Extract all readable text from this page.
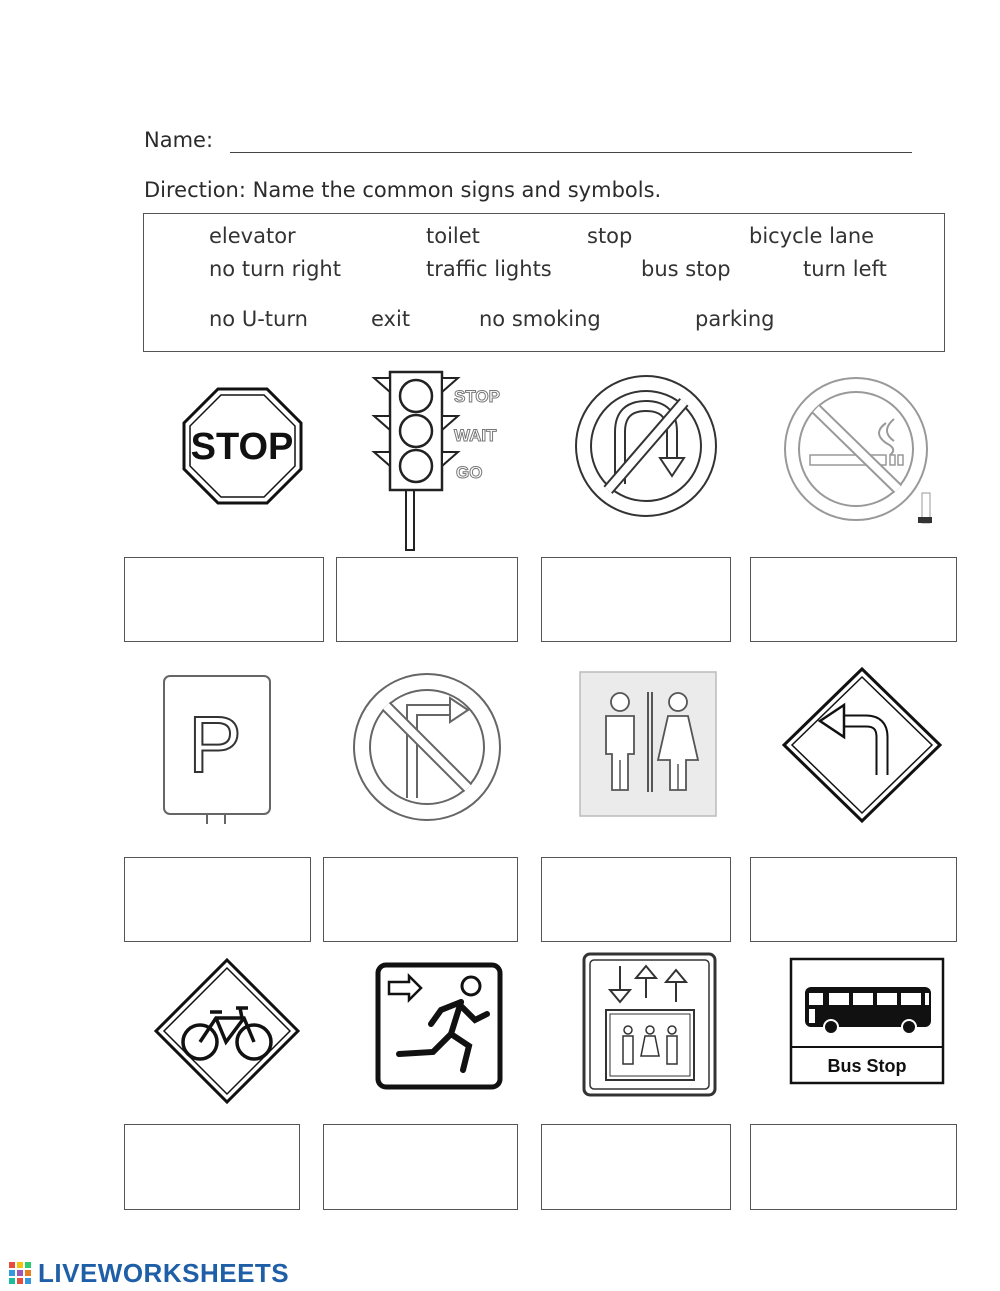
Name:
Direction: Name the common signs and symbols.
elevator	toilet	stop	bicycle lane
no turn right	traffic lights	bus stop	turn left
no U-turn	exit	no smoking	parking
STOP
STOP
WAIT
GO
P
Bus Stop
LIVEWORKSHEETS
